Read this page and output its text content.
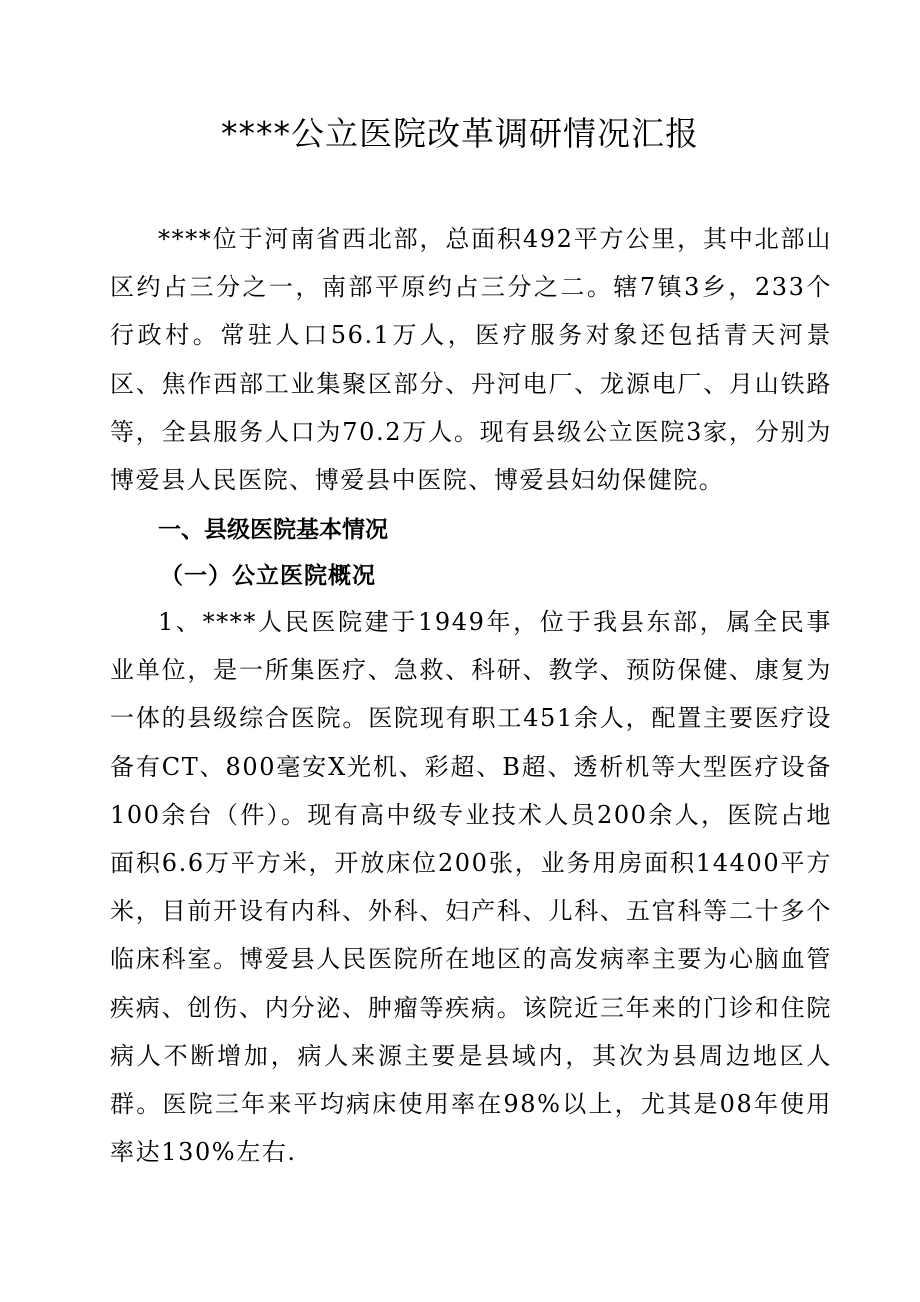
****公立医院改革调研情况汇报

****位于河南省西北部，总面积492平方公里，其中北部山区约占三分之一，南部平原约占三分之二。辖7镇3乡，233个行政村。常驻人口56.1万人，医疗服务对象还包括青天河景区、焦作西部工业集聚区部分、丹河电厂、龙源电厂、月山铁路等，全县服务人口为70.2万人。现有县级公立医院3家，分别为博爱县人民医院、博爱县中医院、博爱县妇幼保健院。

一、县级医院基本情况
（一）公立医院概况

1、****人民医院建于1949年，位于我县东部，属全民事业单位，是一所集医疗、急救、科研、教学、预防保健、康复为一体的县级综合医院。医院现有职工451余人，配置主要医疗设备有CT、800毫安X光机、彩超、B超、透析机等大型医疗设备100余台（件）。现有高中级专业技术人员200余人，医院占地面积6.6万平方米，开放床位200张，业务用房面积14400平方米，目前开设有内科、外科、妇产科、儿科、五官科等二十多个临床科室。博爱县人民医院所在地区的高发病率主要为心脑血管疾病、创伤、内分泌、肿瘤等疾病。该院近三年来的门诊和住院病人不断增加，病人来源主要是县域内，其次为县周边地区人群。医院三年来平均病床使用率在98%以上，尤其是08年使用率达130%左右.
